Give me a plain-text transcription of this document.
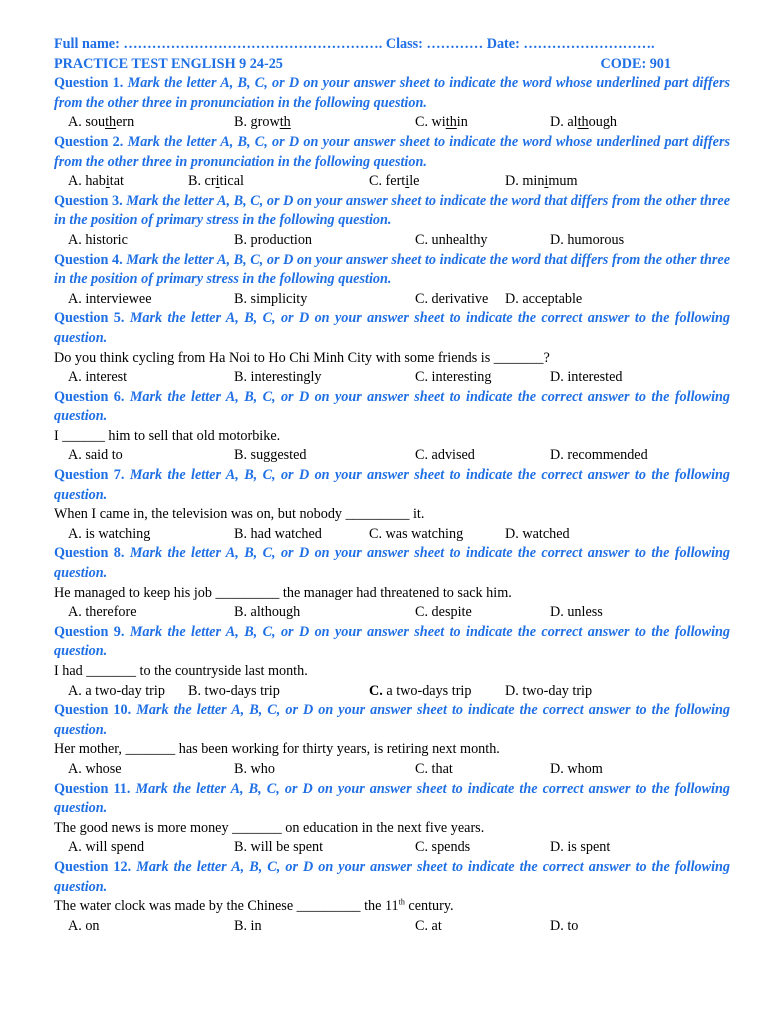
Full name: ………………………………………………. Class: ………… Date: ……………………….
PRACTICE TEST ENGLISH 9 24-25	CODE: 901
Question 1. Mark the letter A, B, C, or D on your answer sheet to indicate the word whose underlined part differs from the other three in pronunciation in the following question.
A. southern	B. growth	C. within	D. although
Question 2. Mark the letter A, B, C, or D on your answer sheet to indicate the word whose underlined part differs from the other three in pronunciation in the following question.
A. habitat	B. critical	C. fertile	D. minimum
Question 3. Mark the letter A, B, C, or D on your answer sheet to indicate the word that differs from the other three in the position of primary stress in the following question.
A. historic	B. production	C. unhealthy	D. humorous
Question 4. Mark the letter A, B, C, or D on your answer sheet to indicate the word that differs from the other three in the position of primary stress in the following question.
A. interviewee	B. simplicity	C. derivative D. acceptable
Question 5. Mark the letter A, B, C, or D on your answer sheet to indicate the correct answer to the following question.
Do you think cycling from Ha Noi to Ho Chi Minh City with some friends is _______?
A. interest	B. interestingly	C. interesting	D. interested
Question 6. Mark the letter A, B, C, or D on your answer sheet to indicate the correct answer to the following question.
I ______ him to sell that old motorbike.
A. said to	B. suggested	C. advised	D. recommended
Question 7. Mark the letter A, B, C, or D on your answer sheet to indicate the correct answer to the following question.
When I came in, the television was on, but nobody _________ it.
A. is watching	B. had watched	C. was watching	D. watched
Question 8. Mark the letter A, B, C, or D on your answer sheet to indicate the correct answer to the following question.
He managed to keep his job _________ the manager had threatened to sack him.
A. therefore	B. although	C. despite	D. unless
Question 9. Mark the letter A, B, C, or D on your answer sheet to indicate the correct answer to the following question.
I had _______ to the countryside last month.
A. a two-day trip B. two-days trip	C. a two-days trip D. two-day trip
Question 10. Mark the letter A, B, C, or D on your answer sheet to indicate the correct answer to the following question.
Her mother, _______ has been working for thirty years, is retiring next month.
A. whose	B. who	C. that	D. whom
Question 11. Mark the letter A, B, C, or D on your answer sheet to indicate the correct answer to the following question.
The good news is more money _______ on education in the next five years.
A. will spend	B. will be spent	C. spends	D. is spent
Question 12. Mark the letter A, B, C, or D on your answer sheet to indicate the correct answer to the following question.
The water clock was made by the Chinese _________ the 11th century.
A. on	B. in	C. at	D. to
